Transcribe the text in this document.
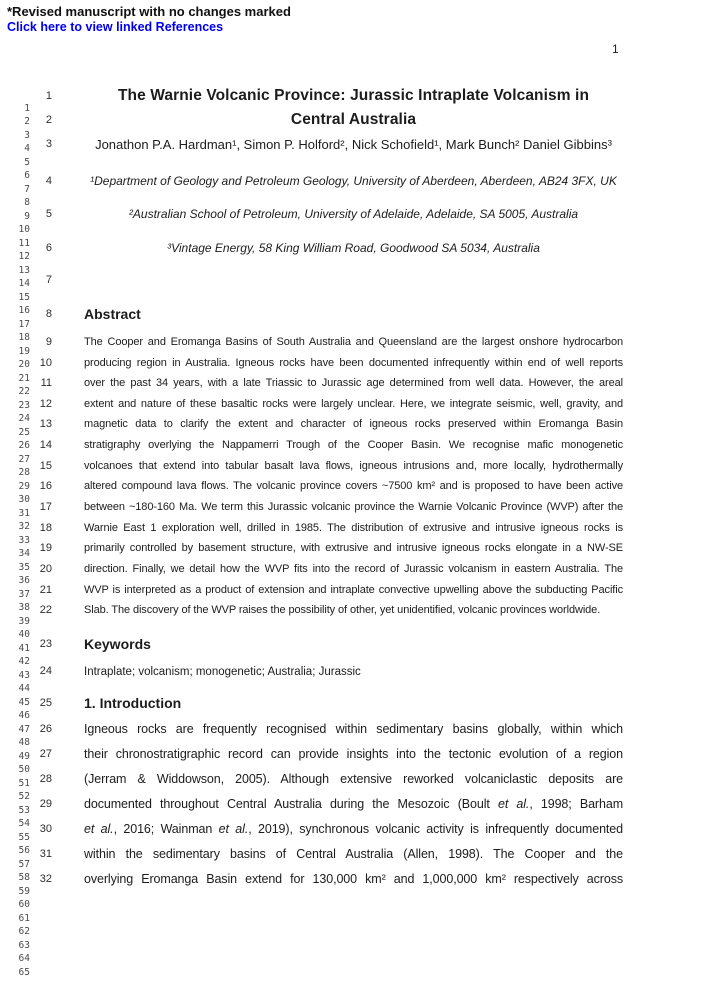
*Revised manuscript with no changes marked
Click here to view linked References
1
1
2
3
4
5
6
7
8
9
10
11
12
13
14
15
16
17
18
19
20
21
22
23
24
25
26
27
28
29
30
31
32
33
34
35
36
37
38
39
40
41
42
43
44
45
46
47
48
49
50
51
52
53
54
55
56
57
58
59
60
61
62
63
64
65
1	The Warnie Volcanic Province: Jurassic Intraplate Volcanism in
2	Central Australia
3	Jonathon P.A. Hardman¹, Simon P. Holford², Nick Schofield¹, Mark Bunch² Daniel Gibbins³
4	¹Department of Geology and Petroleum Geology, University of Aberdeen, Aberdeen, AB24 3FX, UK
5	²Australian School of Petroleum, University of Adelaide, Adelaide, SA 5005, Australia
6	³Vintage Energy, 58 King William Road, Goodwood SA 5034, Australia
7
8 Abstract
9	The Cooper and Eromanga Basins of South Australia and Queensland are the largest onshore hydrocarbon
10	producing region in Australia. Igneous rocks have been documented infrequently within end of well reports
11	over the past 34 years, with a late Triassic to Jurassic age determined from well data. However, the areal
12	extent and nature of these basaltic rocks were largely unclear. Here, we integrate seismic, well, gravity, and
13	magnetic data to clarify the extent and character of igneous rocks preserved within Eromanga Basin
14	stratigraphy overlying the Nappamerri Trough of the Cooper Basin. We recognise mafic monogenetic
15	volcanoes that extend into tabular basalt lava flows, igneous intrusions and, more locally, hydrothermally
16	altered compound lava flows. The volcanic province covers ~7500 km² and is proposed to have been active
17	between ~180-160 Ma. We term this Jurassic volcanic province the Warnie Volcanic Province (WVP) after the
18	Warnie East 1 exploration well, drilled in 1985. The distribution of extrusive and intrusive igneous rocks is
19	primarily controlled by basement structure, with extrusive and intrusive igneous rocks elongate in a NW-SE
20	direction. Finally, we detail how the WVP fits into the record of Jurassic volcanism in eastern Australia. The
21	WVP is interpreted as a product of extension and intraplate convective upwelling above the subducting Pacific
22	Slab. The discovery of the WVP raises the possibility of other, yet unidentified, volcanic provinces worldwide.
23 Keywords
24	Intraplate; volcanism; monogenetic; Australia; Jurassic
25 1. Introduction
26	Igneous rocks are frequently recognised within sedimentary basins globally, within which
27	their chronostratigraphic record can provide insights into the tectonic evolution of a region
28	(Jerram & Widdowson, 2005). Although extensive reworked volcaniclastic deposits are
29	documented throughout Central Australia during the Mesozoic (Boult et al., 1998; Barham
30	et al., 2016; Wainman et al., 2019), synchronous volcanic activity is infrequently documented
31	within the sedimentary basins of Central Australia (Allen, 1998). The Cooper and the
32	overlying Eromanga Basin extend for 130,000 km² and 1,000,000 km² respectively across
